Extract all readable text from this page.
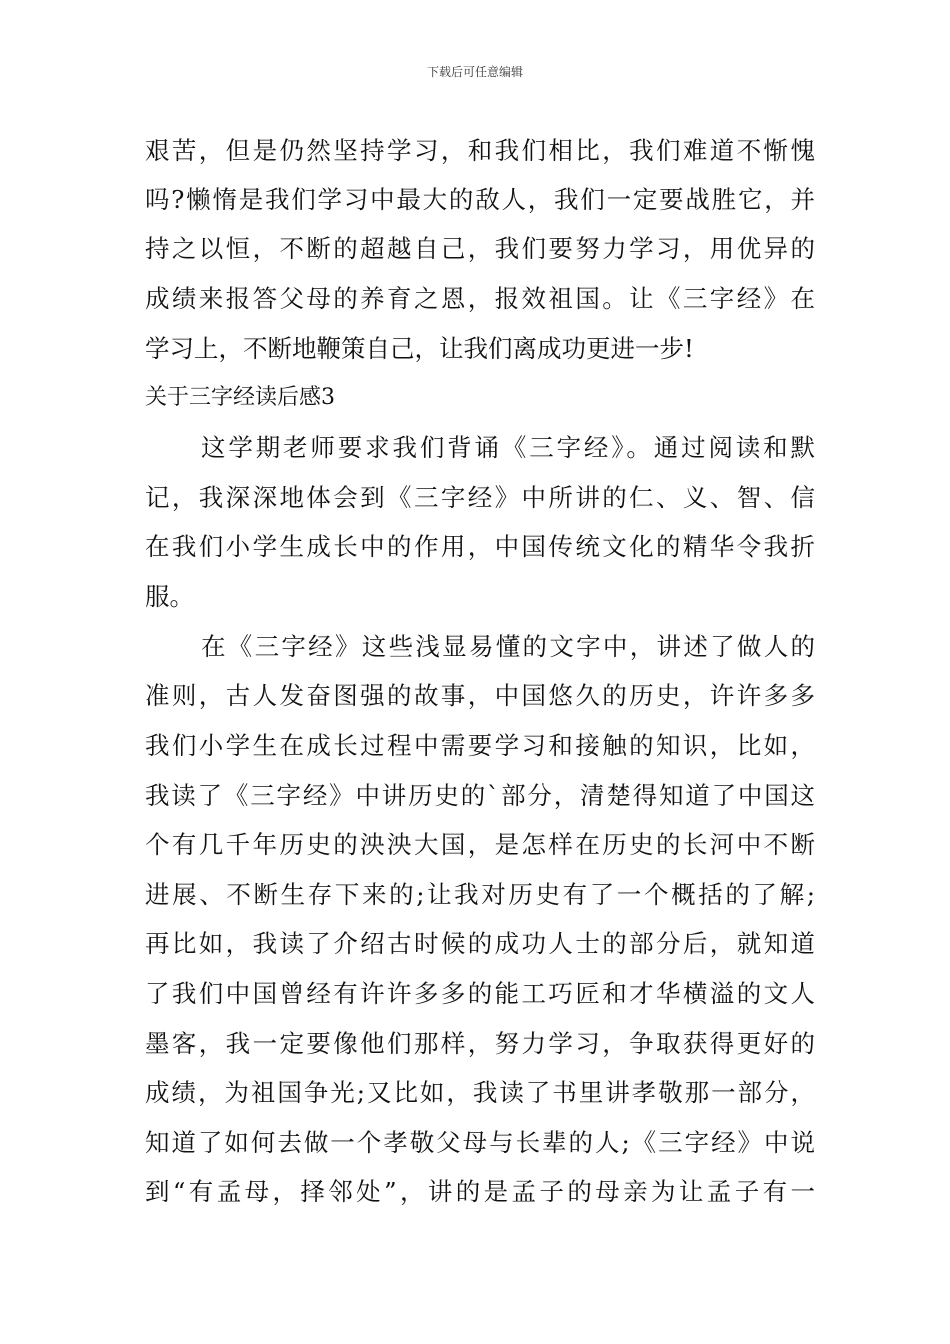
下载后可任意编辑
艰苦，但是仍然坚持学习，和我们相比，我们难道不惭愧
吗?懒惰是我们学习中最大的敌人，我们一定要战胜它，并
持之以恒，不断的超越自己，我们要努力学习，用优异的
成绩来报答父母的养育之恩，报效祖国。让《三字经》在
学习上，不断地鞭策自己，让我们离成功更进一步!
关于三字经读后感3
这学期老师要求我们背诵《三字经》。通过阅读和默
记，我深深地体会到《三字经》中所讲的仁、义、智、信
在我们小学生成长中的作用，中国传统文化的精华令我折
服。
在《三字经》这些浅显易懂的文字中，讲述了做人的
准则，古人发奋图强的故事，中国悠久的历史，许许多多
我们小学生在成长过程中需要学习和接触的知识，比如，
我读了《三字经》中讲历史的`部分，清楚得知道了中国这
个有几千年历史的泱泱大国，是怎样在历史的长河中不断
进展、不断生存下来的;让我对历史有了一个概括的了解;
再比如，我读了介绍古时候的成功人士的部分后，就知道
了我们中国曾经有许许多多的能工巧匠和才华横溢的文人
墨客，我一定要像他们那样，努力学习，争取获得更好的
成绩，为祖国争光;又比如，我读了书里讲孝敬那一部分，
知道了如何去做一个孝敬父母与长辈的人;《三字经》中说
到“有孟母，择邻处”，讲的是孟子的母亲为让孟子有一
